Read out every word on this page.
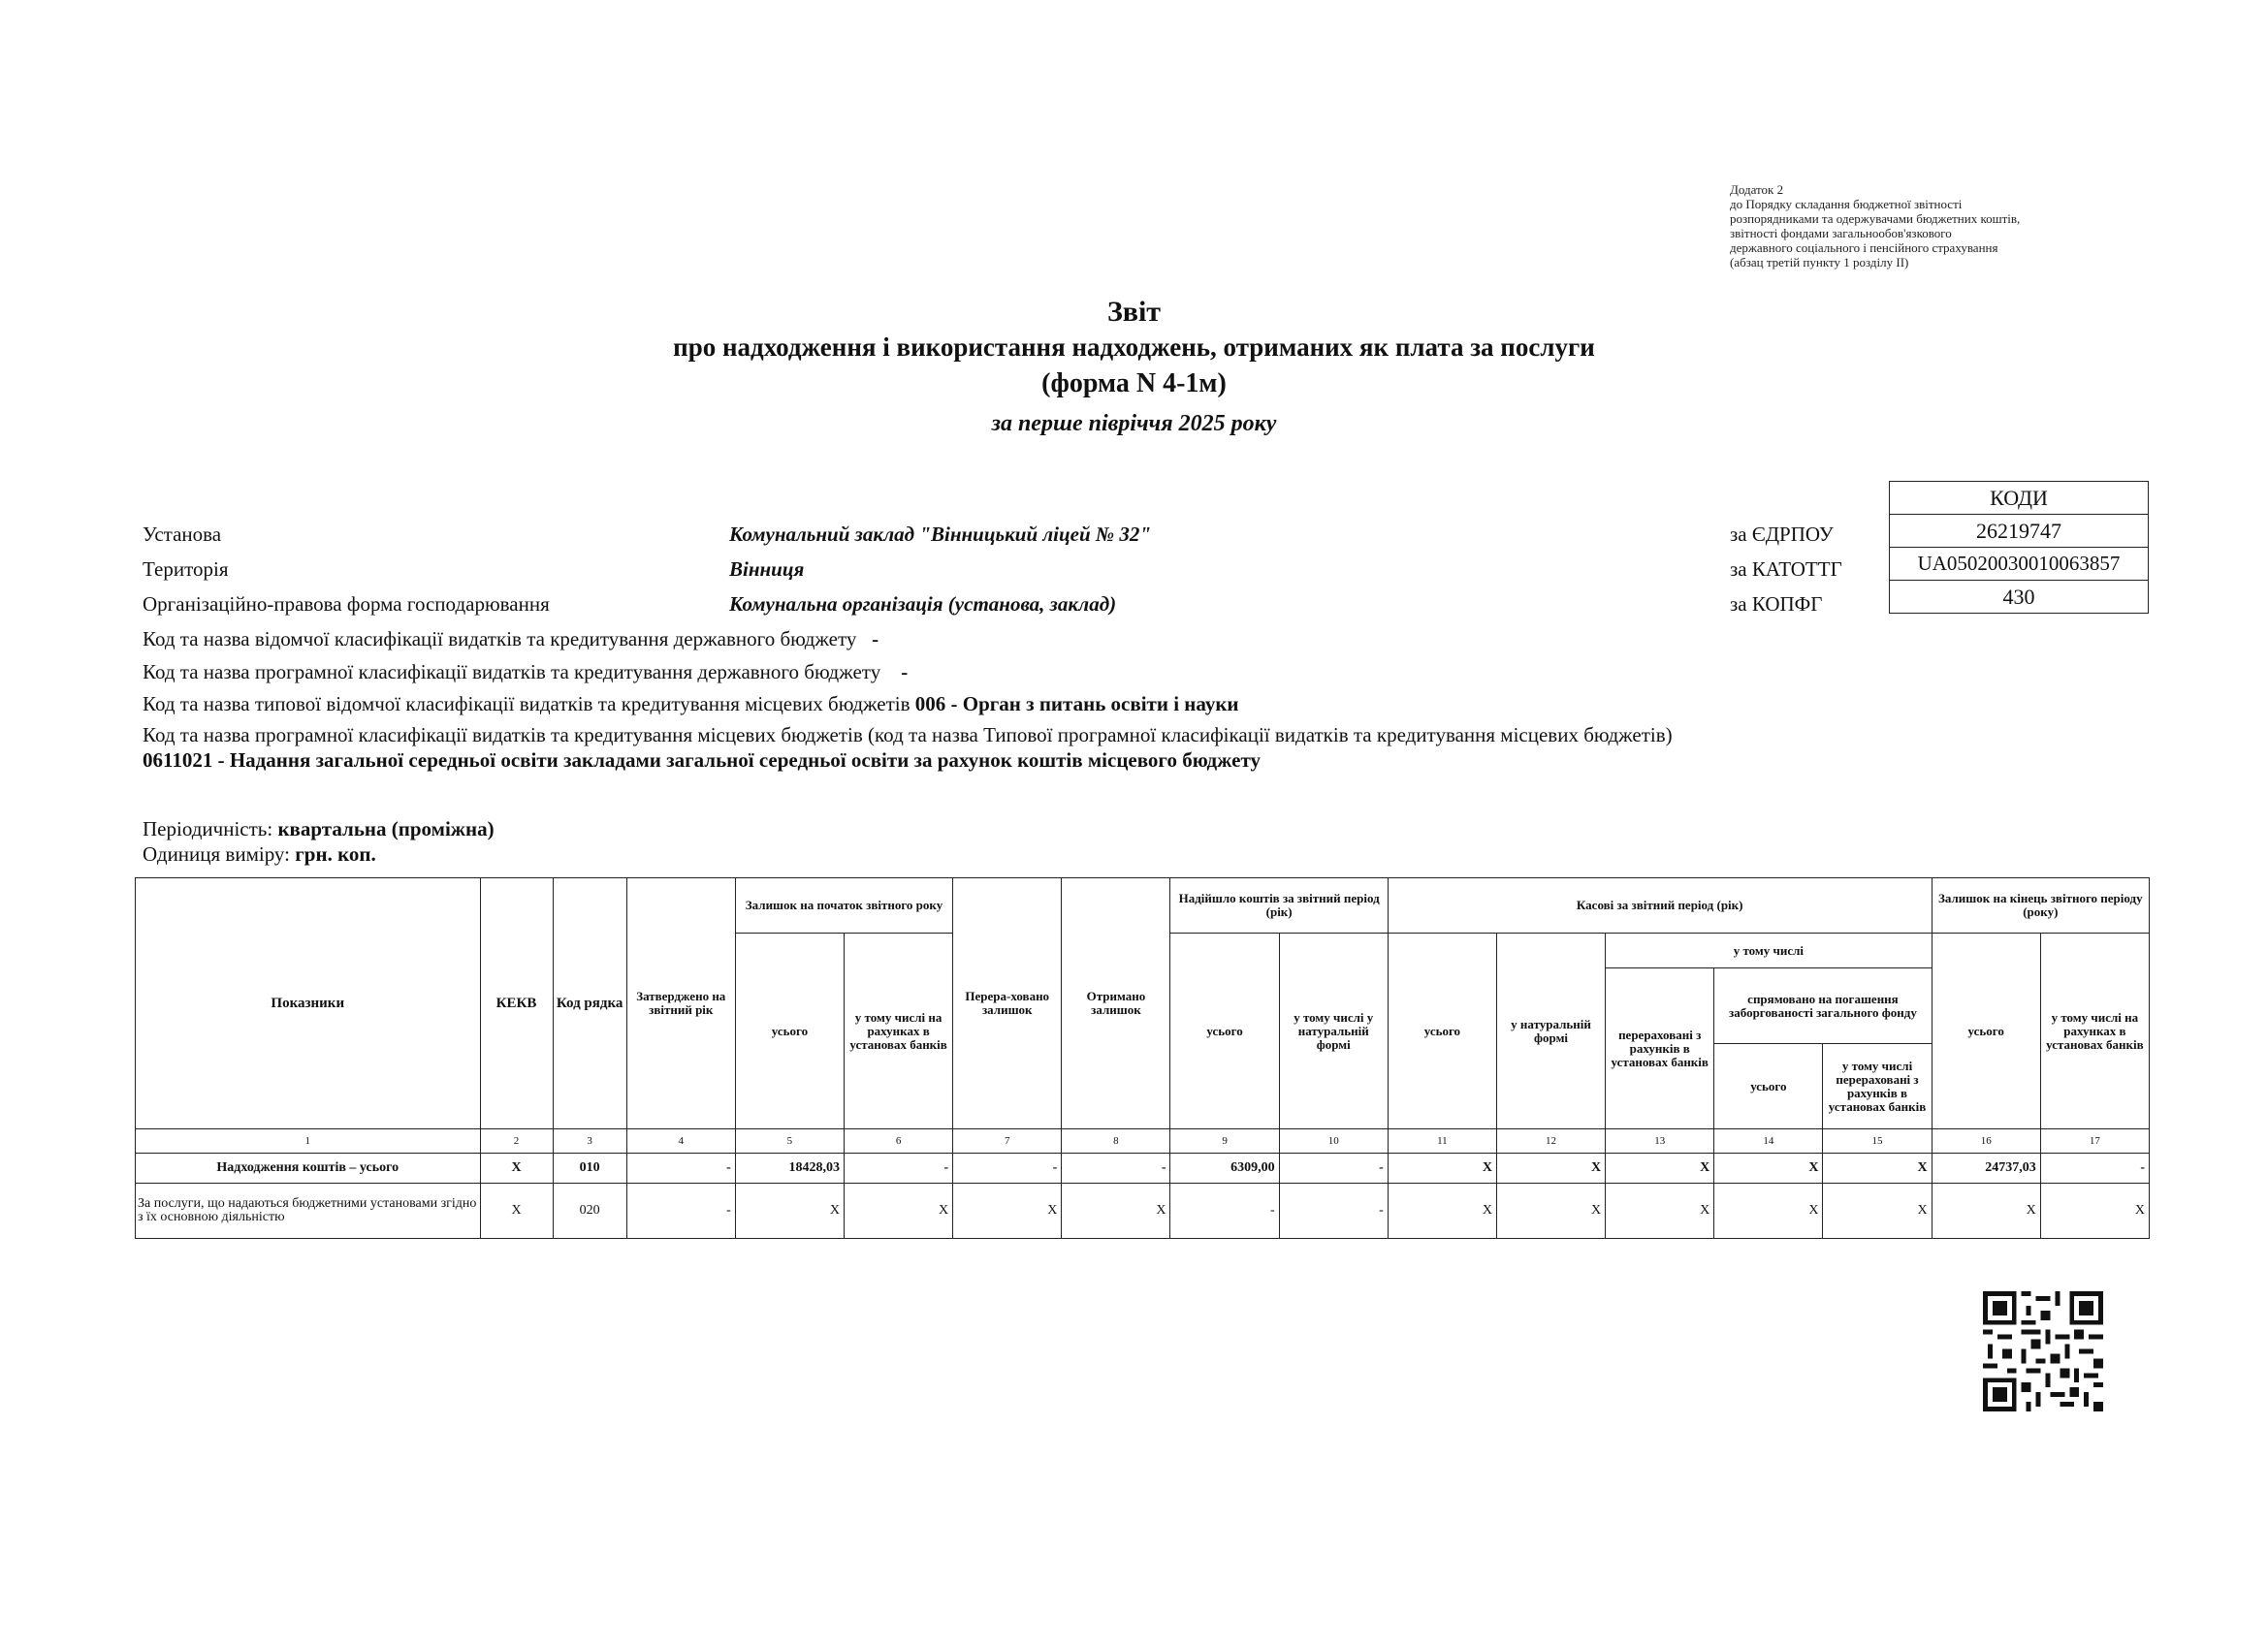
Додаток 2
до Порядку складання бюджетної звітності
розпорядниками та одержувачами бюджетних коштів,
звітності фондами загальнообов'язкового
державного соціального і пенсійного страхування
(абзац третій пункту 1 розділу II)
Звіт
про надходження і використання надходжень, отриманих як плата за послуги
(форма N 4-1м)
за перше півріччя 2025 року
Установа	Комунальний заклад "Вінницький ліцей № 32"	за ЄДРПОУ
Територія	Вінниця	за КАТОТТГ
Організаційно-правова форма господарювання	Комунальна організація (установа, заклад)	за КОПФГ
КОДИ
26219747
UA05020030010063857
430
Код та назва відомчої класифікації видатків та кредитування державного бюджету -
Код та назва програмної класифікації видатків та кредитування державного бюджету -
Код та назва типової відомчої класифікації видатків та кредитування місцевих бюджетів 006 - Орган з питань освіти і науки
Код та назва програмної класифікації видатків та кредитування місцевих бюджетів (код та назва Типової програмної класифікації видатків та кредитування місцевих бюджетів) 0611021 - Надання загальної середньої освіти закладами загальної середньої освіти за рахунок коштів місцевого бюджету
Періодичність: квартальна (проміжна)
Одиниця виміру: грн. коп.
Показники	КЕКВ	Код рядка	Затверджено на звітний рік	Залишок на початок звітного року		Перера-ховано залишок	Отримано залишок	Надійшло коштів за звітний період (рік)		Касові за звітний період (рік)					Залишок на кінець звітного періоду (року)	
				усього	у тому числі на рахунках в установах банків			усього	у тому числі у натуральній формі	усього	у натуральній формі	у тому числі			усього	у тому числі на рахунках в установах банків
												перераховані з рахунків в установах банків	спрямовано на погашення заборгованості загального фонду			
													усього	у тому числі перераховані з рахунків в установах банків		
1	2	3	4	5	6	7	8	9	10	11	12	13	14	15	16	17
Надходження коштів – усього	Х	010	-	18428,03	-	-	-	6309,00	-	Х	Х	Х	Х	Х	24737,03	-
За послуги, що надаються бюджетними установами згідно з їх основною діяльністю	Х	020	-	Х	Х	Х	Х	-	-	Х	Х	Х	Х	Х	Х	Х
